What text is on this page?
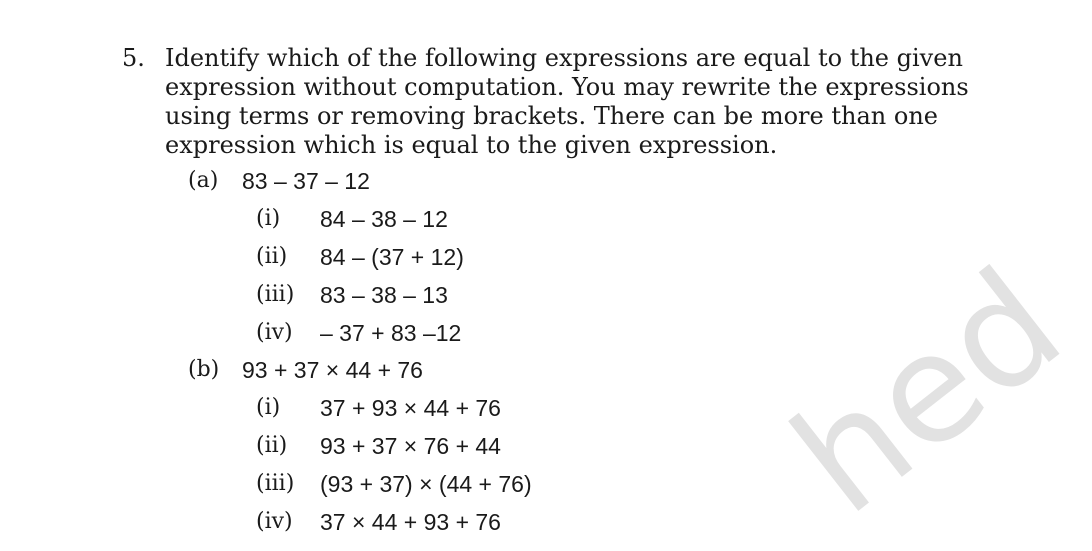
hed
5. Identify which of the following expressions are equal to the given
expression without computation. You may rewrite the expressions
using terms or removing brackets. There can be more than one
expression which is equal to the given expression.
(a) 83 – 37 – 12
(i) 84 – 38 – 12
(ii) 84 – (37 + 12)
(iii) 83 – 38 – 13
(iv) – 37 + 83 –12
(b) 93 + 37 × 44 + 76
(i) 37 + 93 × 44 + 76
(ii) 93 + 37 × 76 + 44
(iii) (93 + 37) × (44 + 76)
(iv) 37 × 44 + 93 + 76
